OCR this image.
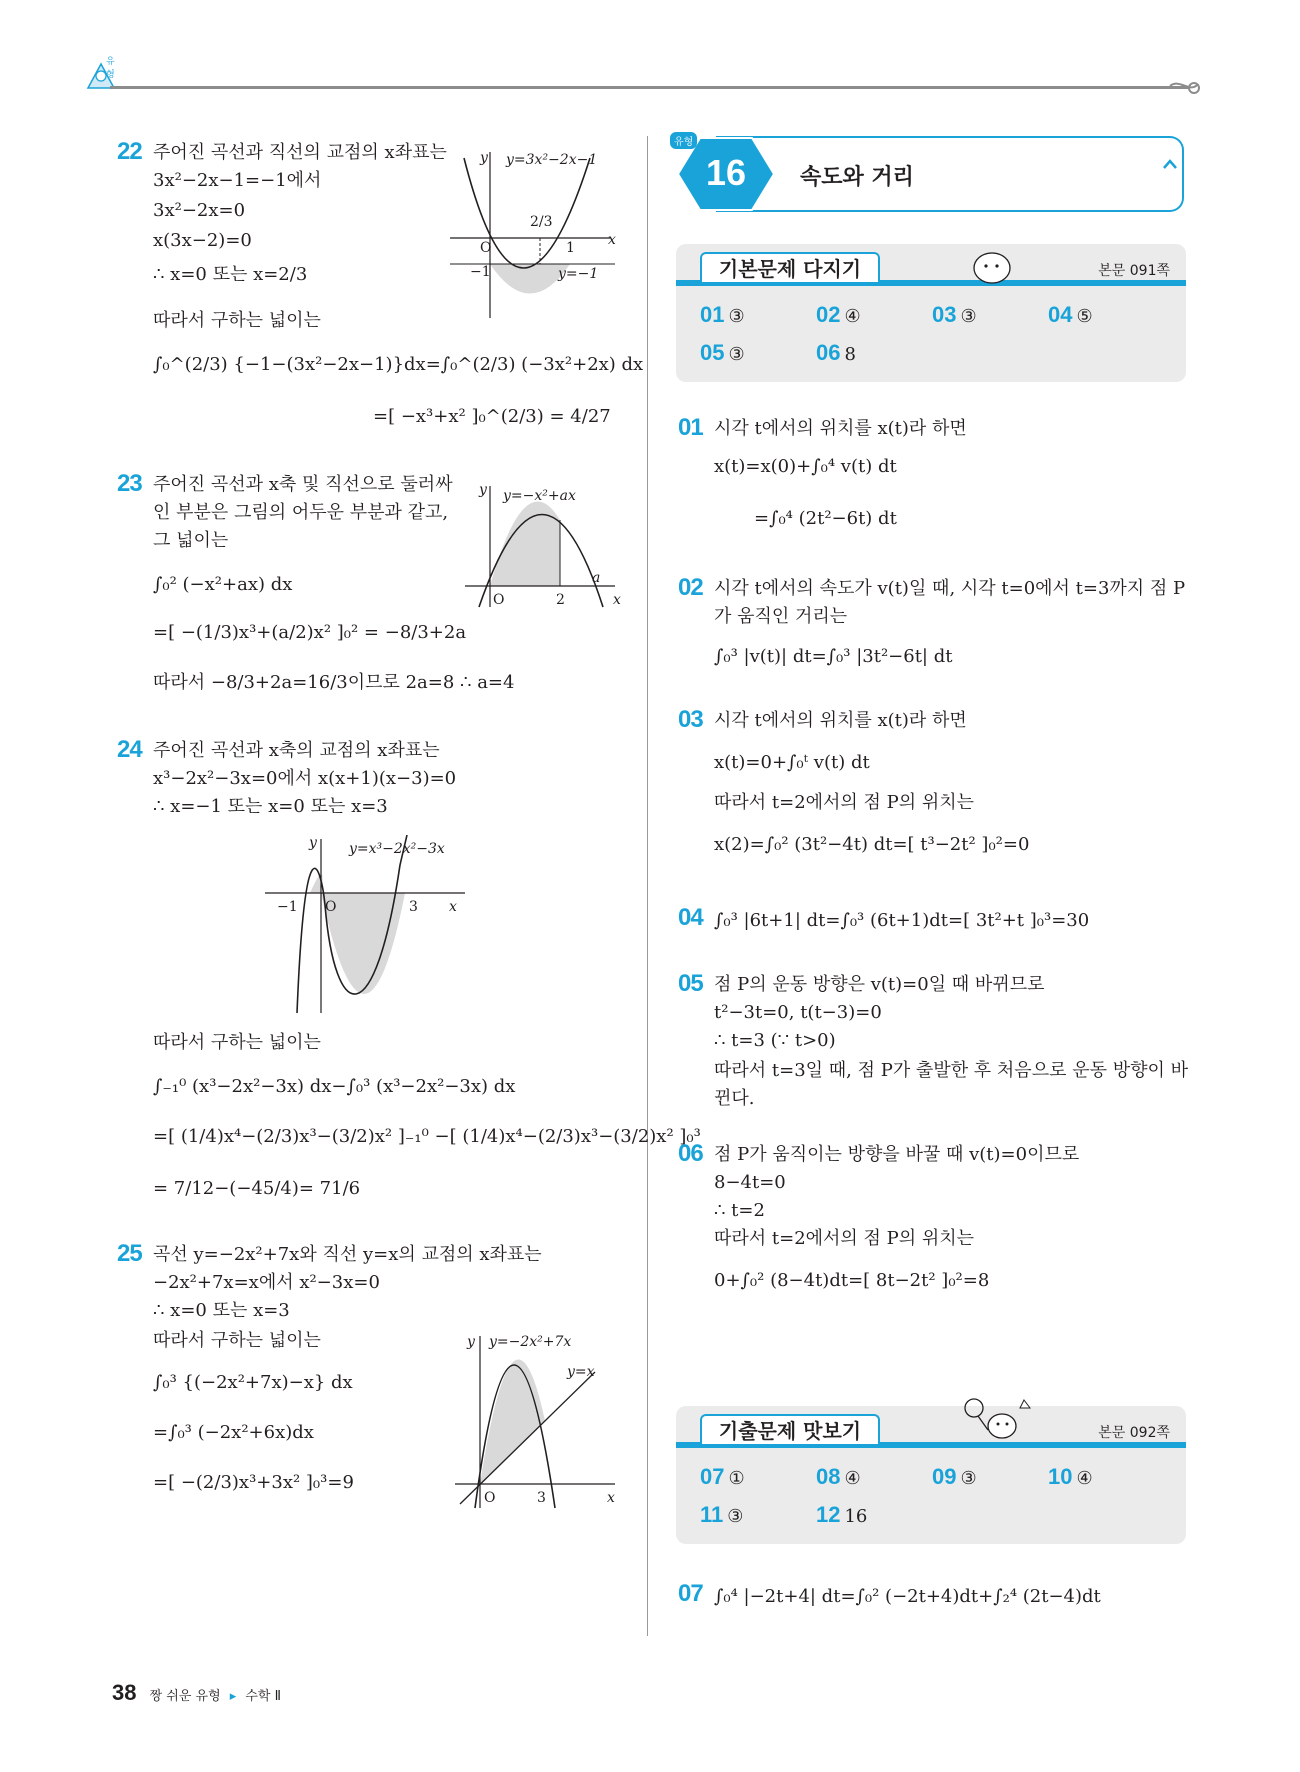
유형
22 주어진 곡선과 직선의 교점의 x좌표는
3x²−2x−1=−1에서
3x²−2x=0
x(3x−2)=0
∴ x=0 또는 x=2/3
따라서 구하는 넓이는
∫₀^(2/3) {−1−(3x²−2x−1)}dx=∫₀^(2/3) (−3x²+2x) dx
=[ −x³+x² ]₀^(2/3) = 4/27
y
x
O	1
−1
2/3
y=3x²−2x−1
y=−1
23 주어진 곡선과 x축 및 직선으로 둘러싸
인 부분은 그림의 어두운 부분과 같고,
그 넓이는
∫₀² (−x²+ax) dx
=[ −(1/3)x³+(a/2)x² ]₀² = −8/3+2a
따라서 −8/3+2a=16/3이므로 2a=8 ∴ a=4
y
x
O	2
a
y=−x²+ax
24 주어진 곡선과 x축의 교점의 x좌표는
x³−2x²−3x=0에서 x(x+1)(x−3)=0
∴ x=−1 또는 x=0 또는 x=3
y
x
O
−1	3
y=x³−2x²−3x
따라서 구하는 넓이는
∫₋₁⁰ (x³−2x²−3x) dx−∫₀³ (x³−2x²−3x) dx
=[ (1/4)x⁴−(2/3)x³−(3/2)x² ]₋₁⁰ −[ (1/4)x⁴−(2/3)x³−(3/2)x² ]₀³
= 7/12−(−45/4)= 71/6
25 곡선 y=−2x²+7x와 직선 y=x의 교점의 x좌표는
−2x²+7x=x에서 x²−3x=0
∴ x=0 또는 x=3
따라서 구하는 넓이는
∫₀³ {(−2x²+7x)−x} dx
=∫₀³ (−2x²+6x)dx
=[ −(2/3)x³+3x² ]₀³=9
y
x
O	3
y=−2x²+7x
y=x
유형
16	속도와 거리
기본문제 다지기	본문 091쪽
01 ③	02 ④	03 ③	04 ⑤
05 ③	06 8
01 시각 t에서의 위치를 x(t)라 하면
x(t)=x(0)+∫₀⁴ v(t) dt
=∫₀⁴ (2t²−6t) dt
02 시각 t에서의 속도가 v(t)일 때, 시각 t=0에서 t=3까지 점 P
가 움직인 거리는
∫₀³ |v(t)| dt=∫₀³ |3t²−6t| dt
03 시각 t에서의 위치를 x(t)라 하면
x(t)=0+∫₀ᵗ v(t) dt
따라서 t=2에서의 점 P의 위치는
x(2)=∫₀² (3t²−4t) dt=[ t³−2t² ]₀²=0
04 ∫₀³ |6t+1| dt=∫₀³ (6t+1)dt=[ 3t²+t ]₀³=30
05 점 P의 운동 방향은 v(t)=0일 때 바뀌므로
t²−3t=0, t(t−3)=0
∴ t=3 (∵ t>0)
따라서 t=3일 때, 점 P가 출발한 후 처음으로 운동 방향이 바
뀐다.
06 점 P가 움직이는 방향을 바꿀 때 v(t)=0이므로
8−4t=0
∴ t=2
따라서 t=2에서의 점 P의 위치는
0+∫₀² (8−4t)dt=[ 8t−2t² ]₀²=8
기출문제 맛보기	본문 092쪽
07 ①	08 ④	09 ③	10 ④
11 ③	12 16
07 ∫₀⁴ |−2t+4| dt=∫₀² (−2t+4)dt+∫₂⁴ (2t−4)dt
38 짱 쉬운 유형 ▸ 수학 Ⅱ
